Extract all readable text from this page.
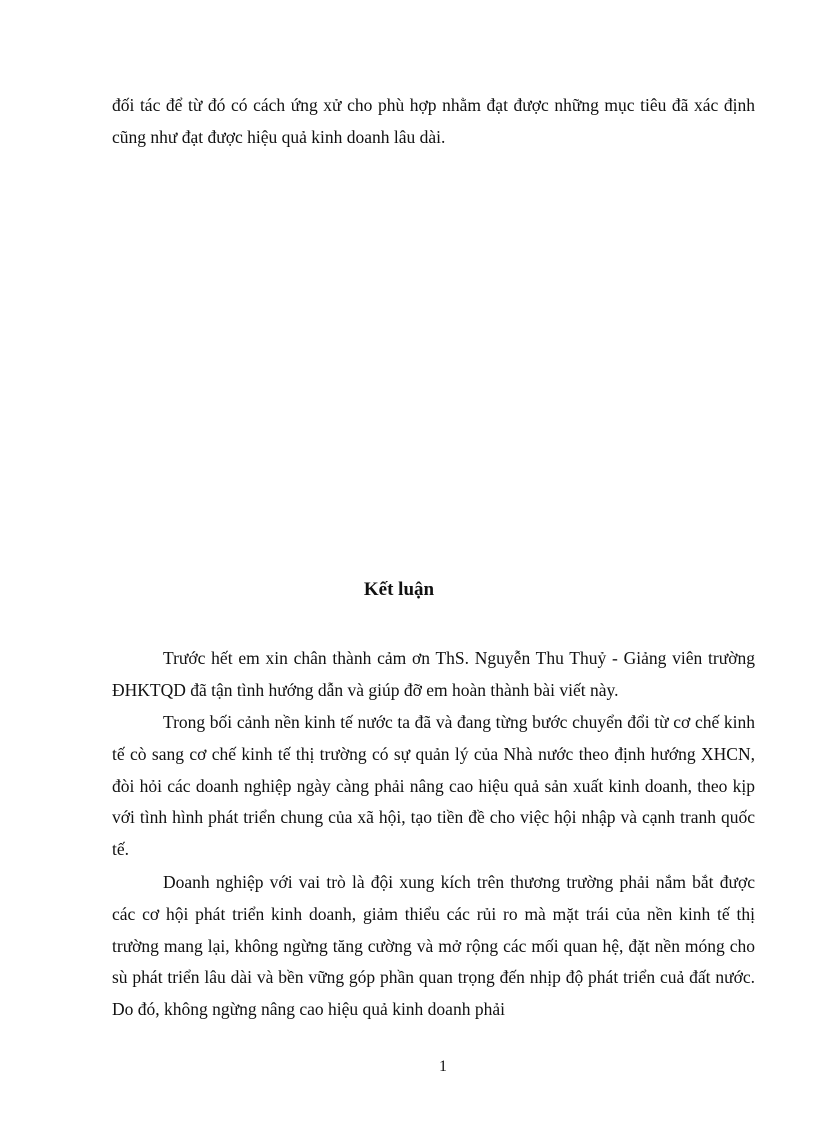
đối tác để từ đó có cách ứng xử cho phù hợp nhằm đạt được những mục tiêu đã xác định cũng như đạt được hiệu quả kinh doanh lâu dài.

Kết luận

Trước hết em xin chân thành cảm ơn ThS. Nguyễn Thu Thuỷ - Giảng viên trường ĐHKTQD đã tận tình hướng dẫn và giúp đỡ em hoàn thành bài viết này.

Trong bối cảnh nền kinh tế nước ta đã và đang từng bước chuyển đổi từ cơ chế kinh tế cò sang cơ chế kinh tế thị trường có sự quản lý của Nhà nước theo định hướng XHCN, đòi hỏi các doanh nghiệp ngày càng phải nâng cao hiệu quả sản xuất kinh doanh, theo kịp với tình hình phát triển chung của xã hội, tạo tiền đề cho việc hội nhập và cạnh tranh quốc tế.

Doanh nghiệp với vai trò là đội xung kích trên thương trường phải nắm bắt được các cơ hội phát triển kinh doanh, giảm thiểu các rủi ro mà mặt trái của nền kinh tế thị trường mang lại, không ngừng tăng cường và mở rộng các mối quan hệ, đặt nền móng cho sù phát triển lâu dài và bền vững góp phần quan trọng đến nhịp độ phát triển cuả đất nước. Do đó, không ngừng nâng cao hiệu quả kinh doanh phải

1
